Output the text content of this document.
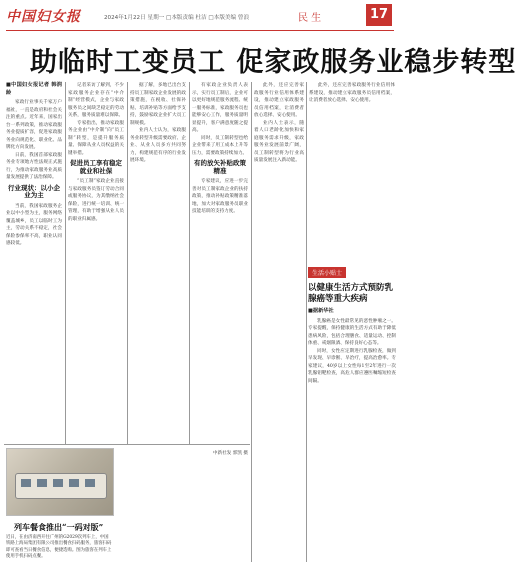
中国妇女报	2024年1月22日 星期一 □本版责编 杜洁 □本版美编 曾浪	民 生	17
助临时工变员工 促家政服务业稳步转型
■中国妇女报记者 韩润龄

家政行业事关千家万户福祉，一直是政府和社会关注的重点。近年来，国家出台一系列政策，推动家政服务业提质扩容，促进家政服务业向规范化、职业化、品牌化方向发展。

日前，我国首部家政服务业专项地方性法规正式施行，为推动家政服务业高质量发展提供了法治保障。

行业现状：以小企业为主

当前，我国家政服务企业以中小型为主，服务网络覆盖城乡，员工以临时工为主，劳动关系不稳定，社会保险参保率不高，职业认同感较低。

记者采访了解到，不少家政服务企业存在“中介制”经营模式，企业与家政服务员之间缺乏稳定的劳动关系，服务质量难以保障。

专家指出，推动家政服务企业由“中介制”向“员工制”转型，是提升服务质量、保障从业人员权益的关键举措。

促进员工享有稳定就业和社保

“员工制”家政企业直接与家政服务员签订劳动合同或服务协议，为其缴纳社会保险，进行统一培训、统一管理，有助于增强从业人员的职业归属感。

据了解，多地已出台支持员工制家政企业发展的政策措施，在税收、社保补贴、培训补贴等方面给予支持，鼓励家政企业扩大员工制规模。

业内人士认为，家政服务业转型升级需要政府、企业、从业人员多方共同努力，构建规范有序的行业发展环境。

有家政企业负责人表示，实行员工制后，企业可以更好地规范服务流程、统一服务标准，家政服务员也能够安心工作，服务质量明显提升，客户满意度随之提高。

同时，员工制转型也给企业带来了用工成本上升等压力，需要政策持续加力。

有的放矢补贴政策精准

专家建议，应进一步完善对员工制家政企业的扶持政策，推动补贴政策精准落地，加大对家政服务员职业技能培训的支持力度。

此外，还应完善家政服务行业信用体系建设，推动建立家政服务员信用档案，让消费者放心选择、安心使用。

业内人士表示，随着人口老龄化加快和家庭服务需求升级，家政服务业发展前景广阔，员工制转型将为行业高质量发展注入新动能。

此外，还应完善家政服务行业信用体系建设，推动建立家政服务员信用档案，让消费者放心选择、安心使用。

生活小贴士
以健康生活方式预防乳腺癌等重大疾病
■据新华社

乳腺癌是女性最常见的恶性肿瘤之一。专家提醒，保持健康的生活方式有助于降低患病风险，包括合理膳食、适量运动、控制体重、戒烟限酒、保持良好心态等。

同时，女性应定期进行乳腺检查，做到早发现、早诊断、早治疗，提高治愈率。专家建议，40岁以上女性每1至2年进行一次乳腺钼靶检查，高危人群应遵医嘱缩短检查间隔。

列车餐食推出“一码对版”
近日，在由济南西开往广州的G2029次列车上，中国铁路上海局集团有限公司推出餐食扫码服务，旅客扫码即可查看当日餐食信息，便捷选购。图为旅客在列车上使用手机扫码点餐。
中新社发 郭凯 摄
